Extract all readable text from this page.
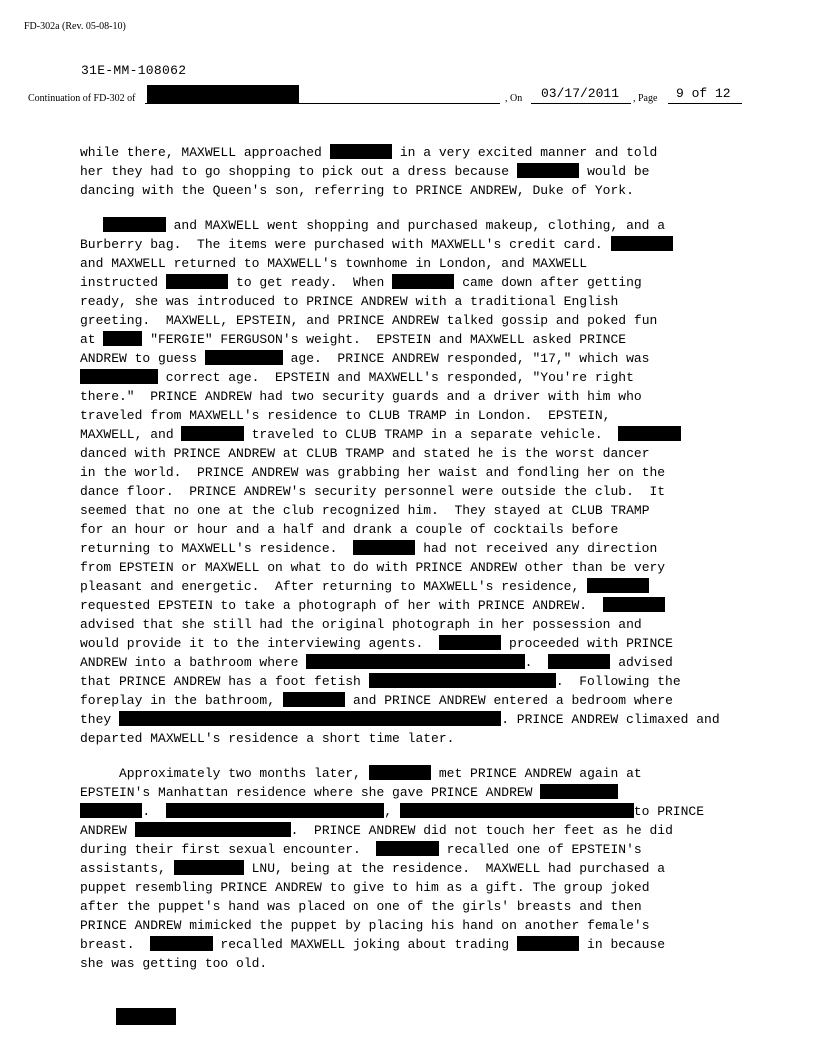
FD-302a (Rev. 05-08-10)
31E-MM-108062
Continuation of FD-302 of	, On 03/17/2011 , Page 9 of 12

while there, MAXWELL approached	in a very excited manner and told
her they had to go shopping to pick out a dress because	would be
dancing with the Queen's son, referring to PRINCE ANDREW, Duke of York.

and MAXWELL went shopping and purchased makeup, clothing, and a
Burberry bag.  The items were purchased with MAXWELL's credit card.
and MAXWELL returned to MAXWELL's townhome in London, and MAXWELL
instructed	to get ready.  When	came down after getting
ready, she was introduced to PRINCE ANDREW with a traditional English
greeting.  MAXWELL, EPSTEIN, and PRINCE ANDREW talked gossip and poked fun
at	"FERGIE" FERGUSON's weight.  EPSTEIN and MAXWELL asked PRINCE
ANDREW to guess	age.  PRINCE ANDREW responded, "17," which was
correct age.  EPSTEIN and MAXWELL's responded, "You're right
there."  PRINCE ANDREW had two security guards and a driver with him who
traveled from MAXWELL's residence to CLUB TRAMP in London.  EPSTEIN,
MAXWELL, and	traveled to CLUB TRAMP in a separate vehicle.
danced with PRINCE ANDREW at CLUB TRAMP and stated he is the worst dancer
in the world.  PRINCE ANDREW was grabbing her waist and fondling her on the
dance floor.  PRINCE ANDREW's security personnel were outside the club.  It
seemed that no one at the club recognized him.  They stayed at CLUB TRAMP
for an hour or hour and a half and drank a couple of cocktails before
returning to MAXWELL's residence.	had not received any direction
from EPSTEIN or MAXWELL on what to do with PRINCE ANDREW other than be very
pleasant and energetic.  After returning to MAXWELL's residence,
requested EPSTEIN to take a photograph of her with PRINCE ANDREW.
advised that she still had the original photograph in her possession and
would provide it to the interviewing agents.	proceeded with PRINCE
ANDREW into a bathroom where	.	advised
that PRINCE ANDREW has a foot fetish	.  Following the
foreplay in the bathroom,	and PRINCE ANDREW entered a bedroom where
they	. PRINCE ANDREW climaxed and
departed MAXWELL's residence a short time later.

Approximately two months later,	met PRINCE ANDREW again at
EPSTEIN's Manhattan residence where she gave PRINCE ANDREW
.	,	to PRINCE
ANDREW	.  PRINCE ANDREW did not touch her feet as he did
during their first sexual encounter.	recalled one of EPSTEIN's
assistants,	LNU, being at the residence.  MAXWELL had purchased a
puppet resembling PRINCE ANDREW to give to him as a gift. The group joked
after the puppet's hand was placed on one of the girls' breasts and then
PRINCE ANDREW mimicked the puppet by placing his hand on another female's
breast.	recalled MAXWELL joking about trading	in because
she was getting too old.
